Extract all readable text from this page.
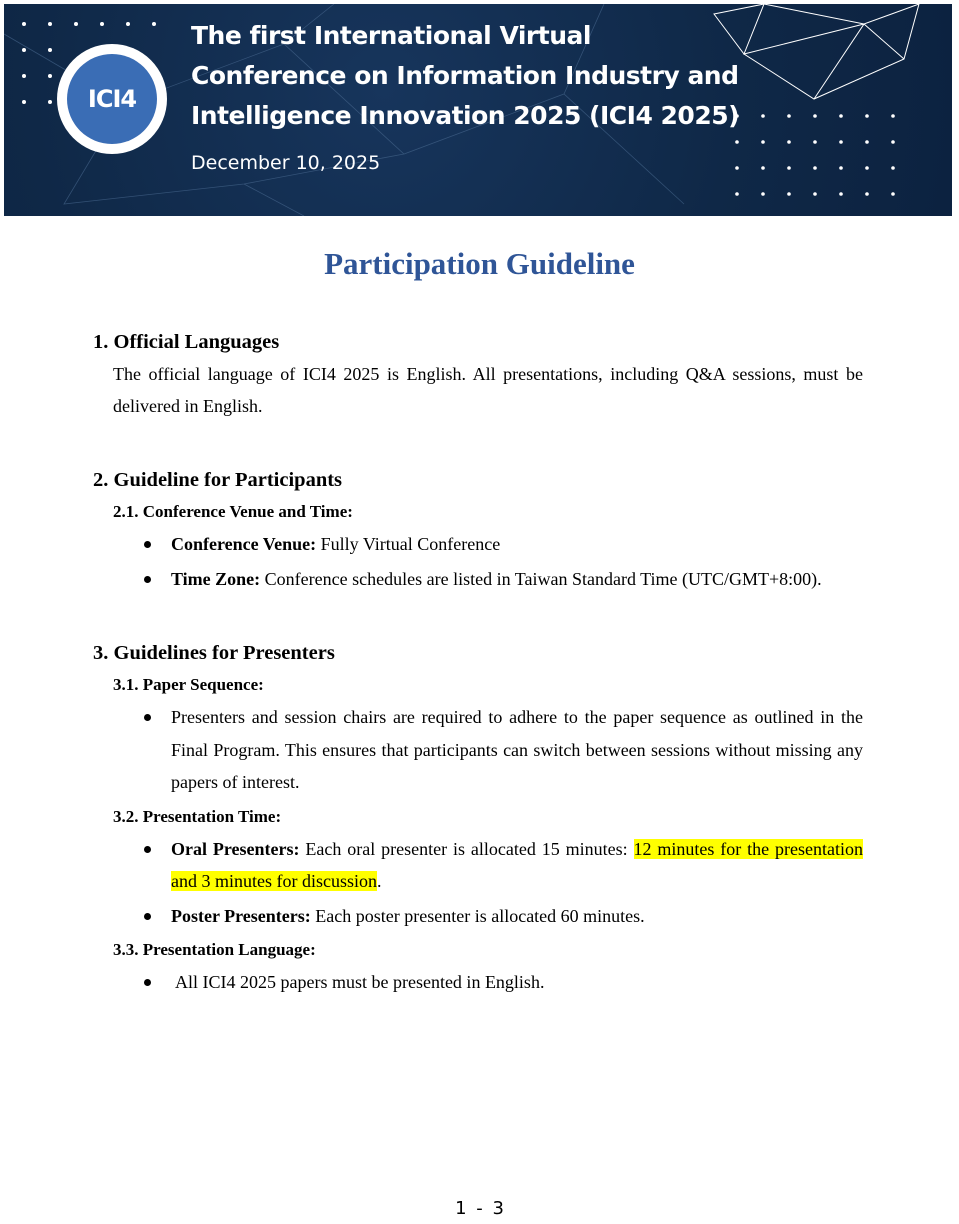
ICI4
The first International Virtual
Conference on Information Industry and
Intelligence Innovation 2025 (ICI4 2025)
December 10, 2025
Participation Guideline
1. Official Languages

The official language of ICI4 2025 is English. All presentations, including Q&A sessions, must be delivered in English.

2. Guideline for Participants
2.1. Conference Venue and Time:
Conference Venue: Fully Virtual Conference
Time Zone: Conference schedules are listed in Taiwan Standard Time (UTC/GMT+8:00).
3. Guidelines for Presenters
3.1. Paper Sequence:
Presenters and session chairs are required to adhere to the paper sequence as outlined in the Final Program. This ensures that participants can switch between sessions without missing any papers of interest.
3.2. Presentation Time:
Oral Presenters: Each oral presenter is allocated 15 minutes: 12 minutes for the presentation and 3 minutes for discussion.
Poster Presenters: Each poster presenter is allocated 60 minutes.
3.3. Presentation Language:
All ICI4 2025 papers must be presented in English.
1 - 3
